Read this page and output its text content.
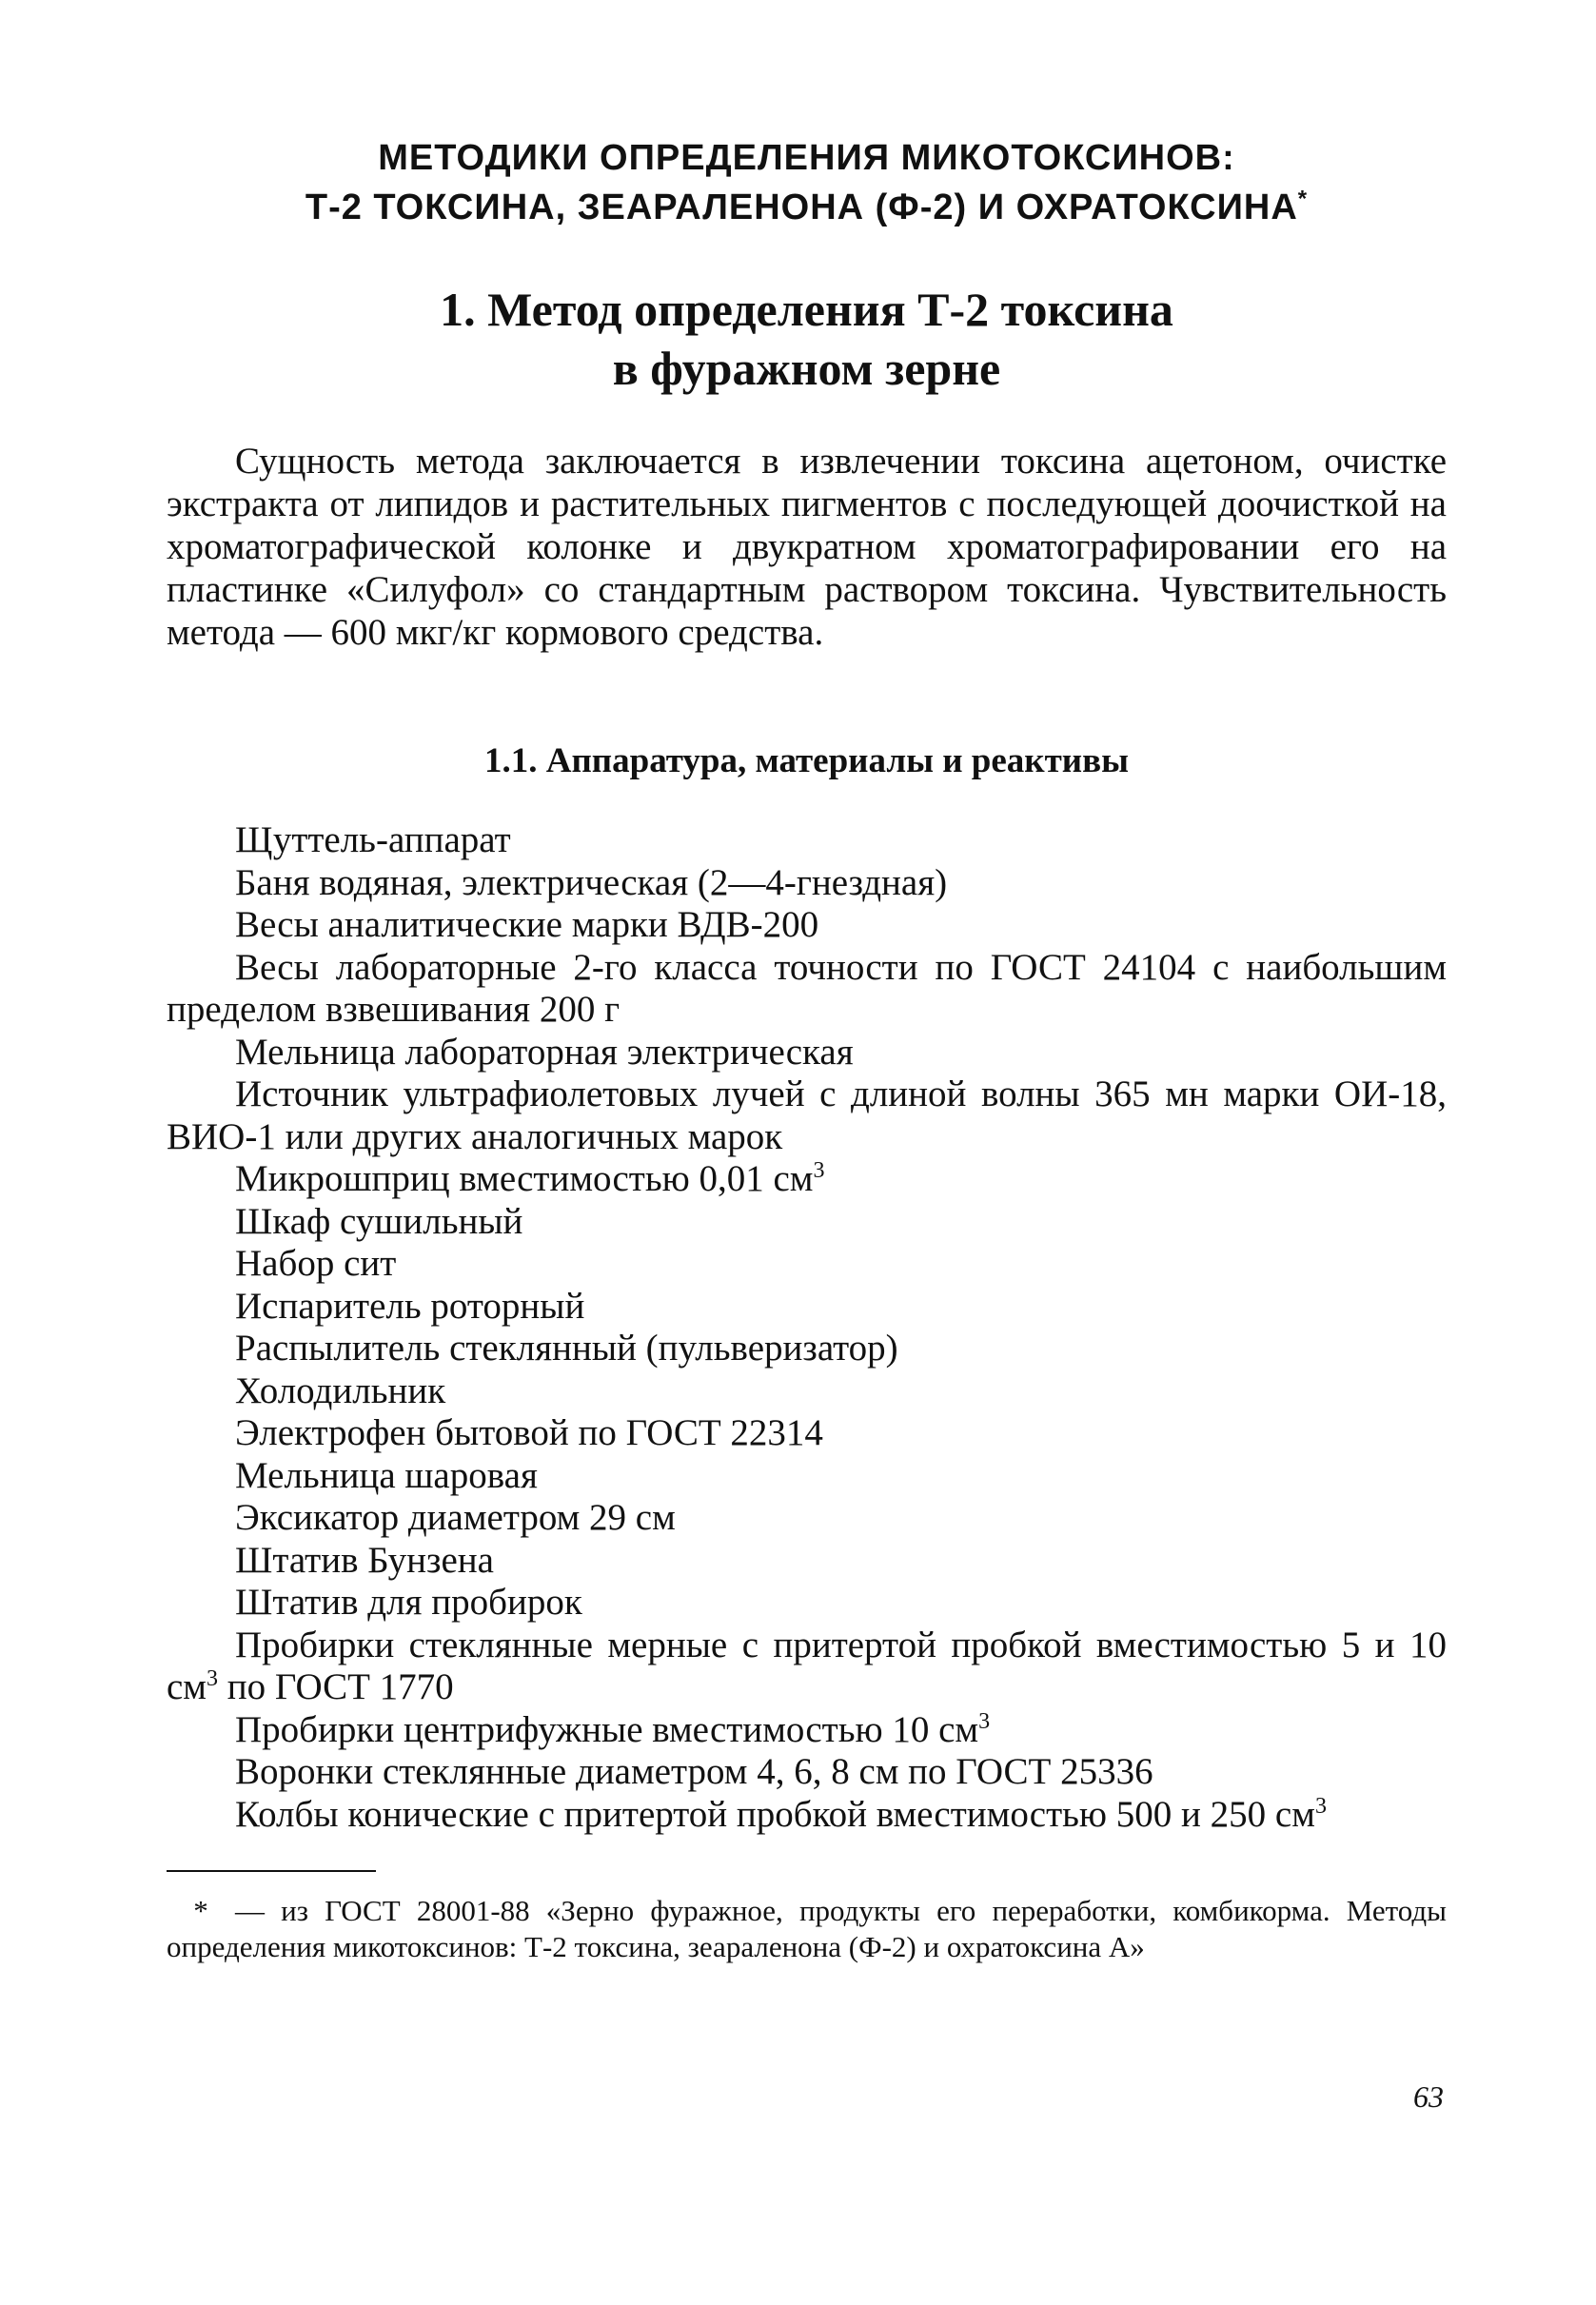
МЕТОДИКИ ОПРЕДЕЛЕНИЯ МИКОТОКСИНОВ:
Т-2 ТОКСИНА, ЗЕАРАЛЕНОНА (Ф-2) И ОХРАТОКСИНА*
1. Метод определения Т-2 токсина
в фуражном зерне

Сущность метода заключается в извлечении токсина ацетоном, очистке экстракта от липидов и растительных пигментов с последующей доочисткой на хроматографической колонке и двукратном хроматографировании его на пластинке «Силуфол» со стандартным раствором токсина. Чувствительность метода — 600 мкг/кг кормового средства.

1.1. Аппаратура, материалы и реактивы
Щуттель-аппарат
Баня водяная, электрическая (2—4-гнездная)
Весы аналитические марки ВДВ-200
Весы лабораторные 2-го класса точности по ГОСТ 24104 с наибольшим пределом взвешивания 200 г
Мельница лабораторная электрическая
Источник ультрафиолетовых лучей с длиной волны 365 мн марки ОИ-18, ВИО-1 или других аналогичных марок
Микрошприц вместимостью 0,01 $см^3$
Шкаф сушильный
Набор сит
Испаритель роторный
Распылитель стеклянный (пульверизатор)
Холодильник
Электрофен бытовой по ГОСТ 22314
Мельница шаровая
Эксикатор диаметром 29 см
Штатив Бунзена
Штатив для пробирок
Пробирки стеклянные мерные с притертой пробкой вместимостью 5 и 10 $см^3$ по ГОСТ 1770
Пробирки центрифужные вместимостью 10 $см^3$
Воронки стеклянные диаметром 4, 6, 8 см по ГОСТ 25336
Колбы конические с притертой пробкой вместимостью 500 и 250 $см^3$

* — из ГОСТ 28001-88 «Зерно фуражное, продукты его переработки, комбикорма. Методы определения микотоксинов: Т-2 токсина, зеараленона (Ф-2) и охратоксина А»

63
